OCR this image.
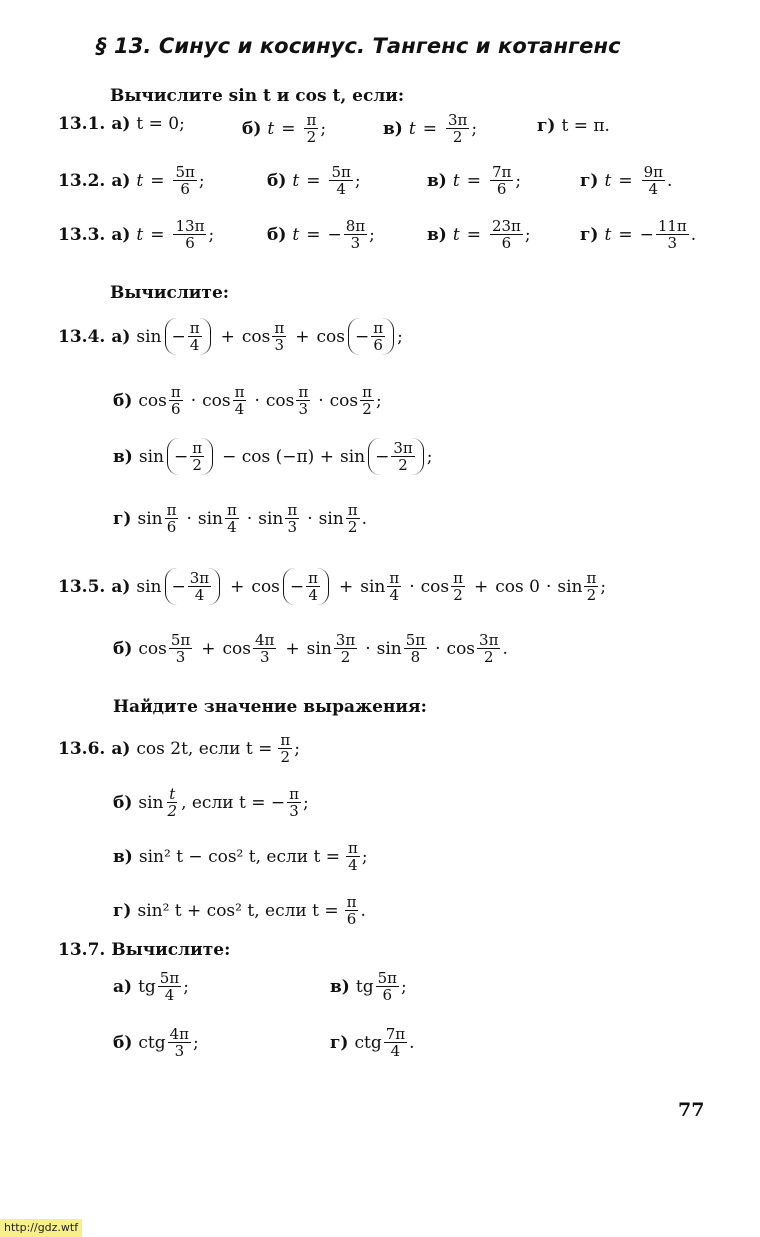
§ 13. Синус и косинус. Тангенс и котангенс
Вычислите sin t и cos t, если:
13.1. а) t = 0;	б) $t = \frac{\pi}{2}$ ;	в) $t = \frac{3\pi}{2}$ ;	г) t = π.
13.2. а) $t = \frac{5\pi}{6}$ ;	б) $t = \frac{5\pi}{4}$ ;	в) $t = \frac{7\pi}{6}$ ;	г) $t = \frac{9\pi}{4}$ .
13.3. а) $t = \frac{13\pi}{6}$ ;	б) t = − $\frac{8\pi}{3}$ ;	в) $t = \frac{23\pi}{6}$ ;	г) t = − $\frac{11\pi}{3}$ .
Вычислите:
13.4. а) $\sin - \frac{\pi}{4} + \cos \frac{\pi}{3} + \cos - \frac{\pi}{6}$ ;
б) $\cos \frac{\pi}{6} \cdot \cos \frac{\pi}{4} \cdot \cos \frac{\pi}{3} \cdot \cos \frac{\pi}{2}$ ;
в) $\sin - \frac{\pi}{2} - \cos (-\pi) + \sin - \frac{3\pi}{2}$ ;
г) $\sin \frac{\pi}{6} \cdot \sin \frac{\pi}{4} \cdot \sin \frac{\pi}{3} \cdot \sin \frac{\pi}{2}$ .
13.5. а) $\sin - \frac{3\pi}{4} + \cos - \frac{\pi}{4} + \sin \frac{\pi}{4} \cdot \cos \frac{\pi}{2} + \cos 0 \cdot \sin \frac{\pi}{2}$ ;
б) $\cos \frac{5\pi}{3} + \cos \frac{4\pi}{3} + \sin \frac{3\pi}{2} \cdot \sin \frac{5\pi}{8} \cdot \cos \frac{3\pi}{2}$ .
Найдите значение выражения:
13.6. а) cos 2t, если $t = \frac{\pi}{2}$ ;
б) $\sin \frac{t}{2}$ , если t = − $\frac{\pi}{3}$ ;
в) sin² t − cos² t, если $t = \frac{\pi}{4}$ ;
г) sin² t + cos² t, если $t = \frac{\pi}{6}$ .
13.7. Вычислите:
а) tg $\frac{5\pi}{4}$ ;	в) tg $\frac{5\pi}{6}$ ;
б) ctg $\frac{4\pi}{3}$ ;	г) ctg $\frac{7\pi}{4}$ .
77
http://gdz.wtf
